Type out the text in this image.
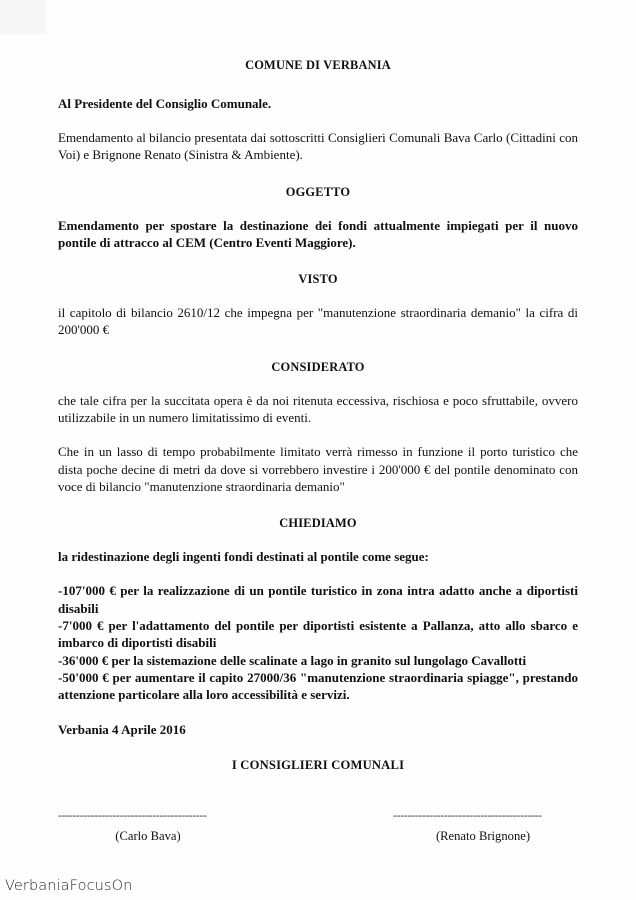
COMUNE DI VERBANIA

Al Presidente del Consiglio Comunale.

Emendamento al bilancio presentata dai sottoscritti Consiglieri Comunali Bava Carlo (Cittadini con Voi) e Brignone Renato (Sinistra & Ambiente).

OGGETTO

Emendamento per spostare la destinazione dei fondi attualmente impiegati per il nuovo pontile di attracco al CEM (Centro Eventi Maggiore).

VISTO

il capitolo di bilancio 2610/12 che impegna per "manutenzione straordinaria demanio" la cifra di 200'000 €

CONSIDERATO

che tale cifra per la succitata opera è da noi ritenuta eccessiva, rischiosa e poco sfruttabile, ovvero utilizzabile in un numero limitatissimo di eventi.

Che in un lasso di tempo probabilmente limitato verrà rimesso in funzione il porto turistico che dista poche decine di metri da dove si vorrebbero investire i 200'000 € del pontile denominato con voce di bilancio "manutenzione straordinaria demanio"

CHIEDIAMO

la ridestinazione degli ingenti fondi destinati al pontile come segue:

-107'000 € per la realizzazione di un pontile turistico in zona intra adatto anche a diportisti disabili

-7'000 € per l'adattamento del pontile per diportisti esistente a Pallanza, atto allo sbarco e imbarco di diportisti disabili

-36'000 € per la sistemazione delle scalinate a lago in granito sul lungolago Cavallotti

-50'000 € per aumentare il capito 27000/36 "manutenzione straordinaria spiagge", prestando attenzione particolare alla loro accessibilità e servizi.

Verbania 4 Aprile 2016

I CONSIGLIERI COMUNALI

-----------------------------------------
(Carlo Bava)
-----------------------------------------
(Renato Brignone)
VerbaniaFocusOn
